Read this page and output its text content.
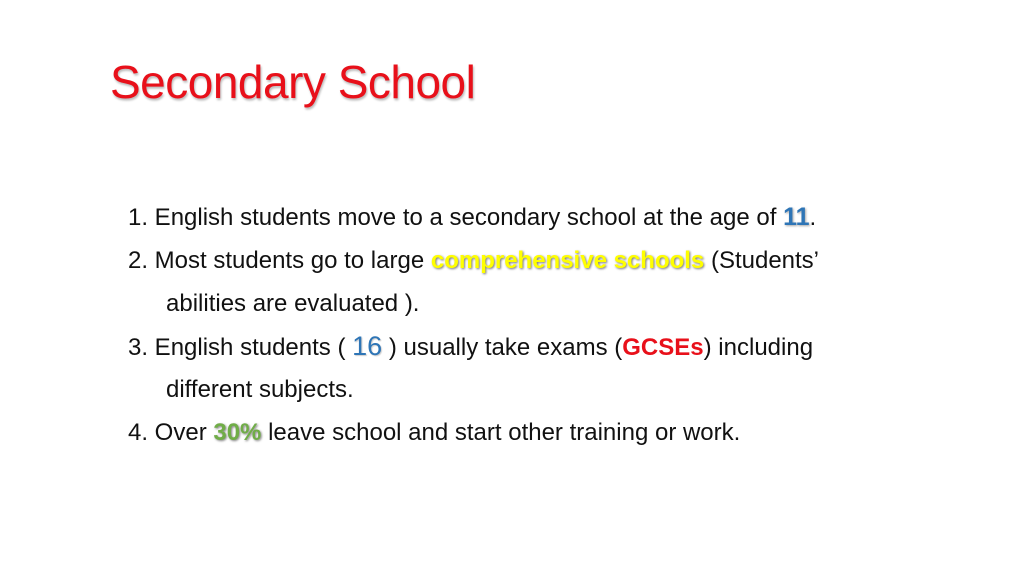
Secondary School
1. English students move to a secondary school at the age of 11.
2. Most students go to large comprehensive schools (Students’
abilities are evaluated ).
3. English students ( 16 ) usually take exams (GCSEs) including
different subjects.
4. Over 30% leave school and start other training or work.
